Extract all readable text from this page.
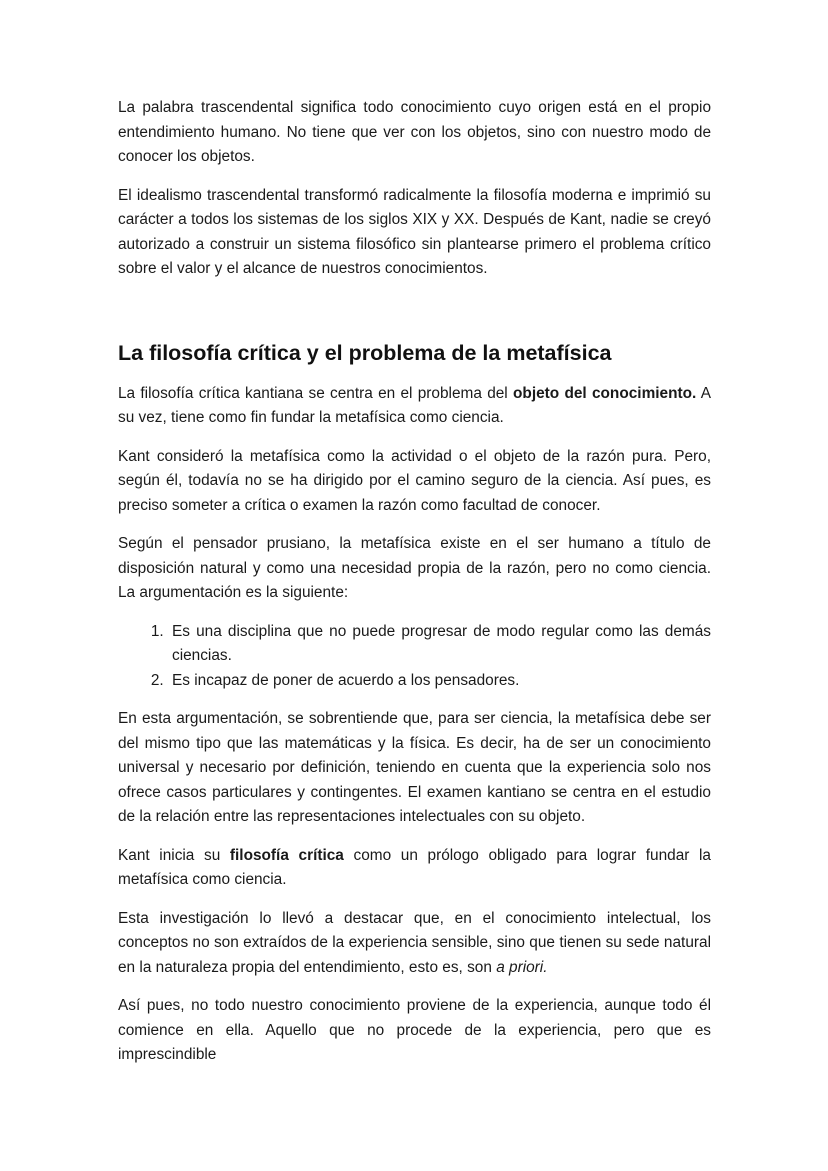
La palabra trascendental significa todo conocimiento cuyo origen está en el propio entendimiento humano. No tiene que ver con los objetos, sino con nuestro modo de conocer los objetos.

El idealismo trascendental transformó radicalmente la filosofía moderna e imprimió su carácter a todos los sistemas de los siglos XIX y XX. Después de Kant, nadie se creyó autorizado a construir un sistema filosófico sin plantearse primero el problema crítico sobre el valor y el alcance de nuestros conocimientos.

La filosofía crítica y el problema de la metafísica

La filosofía crítica kantiana se centra en el problema del objeto del conocimiento. A su vez, tiene como fin fundar la metafísica como ciencia.

Kant consideró la metafísica como la actividad o el objeto de la razón pura. Pero, según él, todavía no se ha dirigido por el camino seguro de la ciencia. Así pues, es preciso someter a crítica o examen la razón como facultad de conocer.

Según el pensador prusiano, la metafísica existe en el ser humano a título de disposición natural y como una necesidad propia de la razón, pero no como ciencia. La argumentación es la siguiente:

1. Es una disciplina que no puede progresar de modo regular como las demás ciencias.
2. Es incapaz de poner de acuerdo a los pensadores.

En esta argumentación, se sobrentiende que, para ser ciencia, la metafísica debe ser del mismo tipo que las matemáticas y la física. Es decir, ha de ser un conocimiento universal y necesario por definición, teniendo en cuenta que la experiencia solo nos ofrece casos particulares y contingentes. El examen kantiano se centra en el estudio de la relación entre las representaciones intelectuales con su objeto.

Kant inicia su filosofía crítica como un prólogo obligado para lograr fundar la metafísica como ciencia.

Esta investigación lo llevó a destacar que, en el conocimiento intelectual, los conceptos no son extraídos de la experiencia sensible, sino que tienen su sede natural en la naturaleza propia del entendimiento, esto es, son a priori.

Así pues, no todo nuestro conocimiento proviene de la experiencia, aunque todo él comience en ella. Aquello que no procede de la experiencia, pero que es imprescindible
